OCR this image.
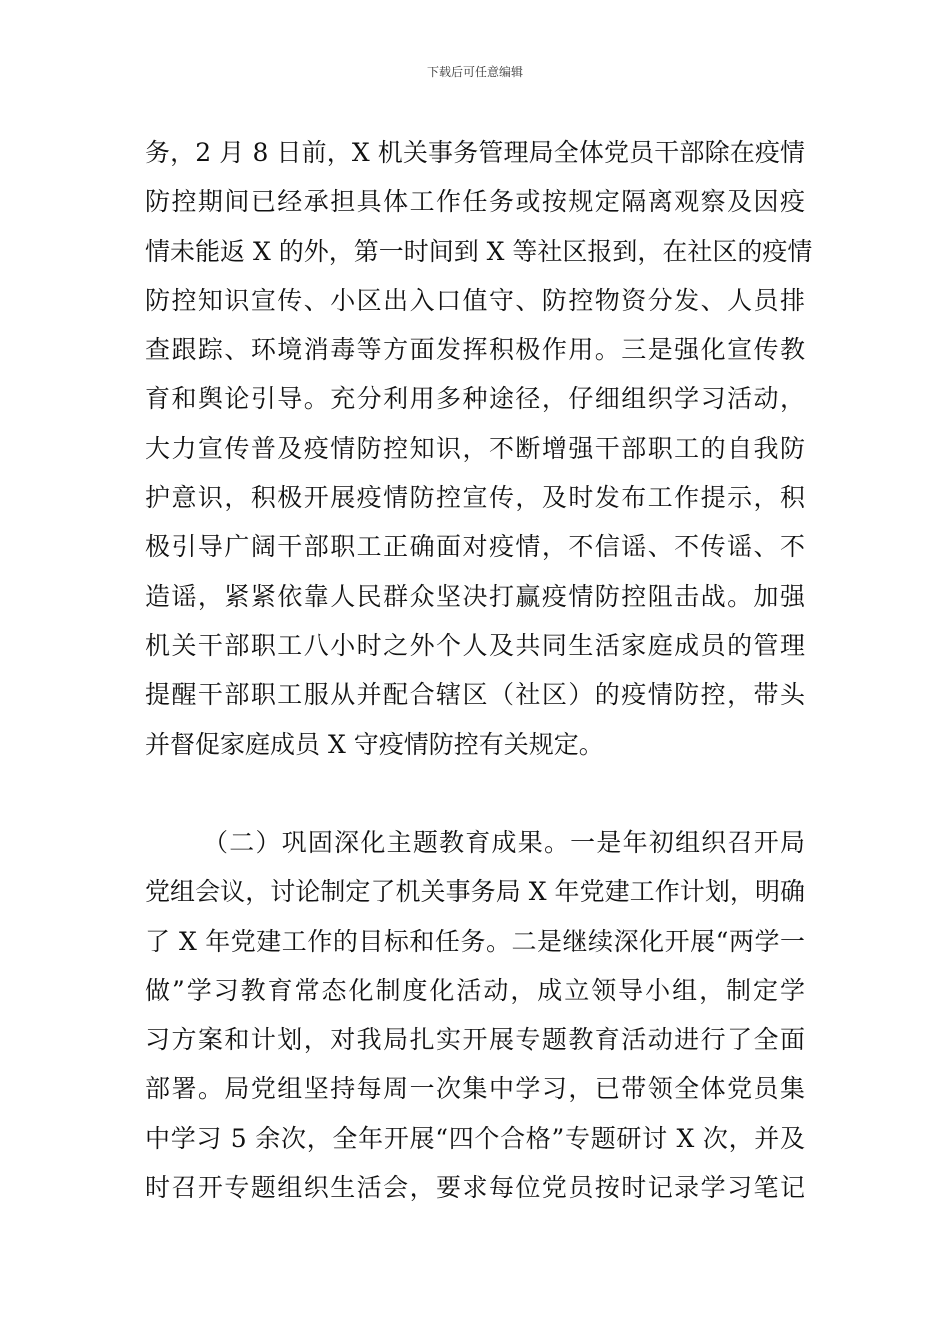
下载后可任意编辑
务，2 月 8 日前，X 机关事务管理局全体党员干部除在疫情
防控期间已经承担具体工作任务或按规定隔离观察及因疫
情未能返 X 的外，第一时间到 X 等社区报到，在社区的疫情
防控知识宣传、小区出入口值守、防控物资分发、人员排
查跟踪、环境消毒等方面发挥积极作用。三是强化宣传教
育和舆论引导。充分利用多种途径，仔细组织学习活动，
大力宣传普及疫情防控知识，不断增强干部职工的自我防
护意识，积极开展疫情防控宣传，及时发布工作提示，积
极引导广阔干部职工正确面对疫情，不信谣、不传谣、不
造谣，紧紧依靠人民群众坚决打赢疫情防控阻击战。加强
机关干部职工八小时之外个人及共同生活家庭成员的管理
提醒干部职工服从并配合辖区（社区）的疫情防控，带头
并督促家庭成员 X 守疫情防控有关规定。
（二）巩固深化主题教育成果。一是年初组织召开局
党组会议，讨论制定了机关事务局 X 年党建工作计划，明确
了 X 年党建工作的目标和任务。二是继续深化开展“两学一
做”学习教育常态化制度化活动，成立领导小组，制定学
习方案和计划，对我局扎实开展专题教育活动进行了全面
部署。局党组坚持每周一次集中学习，已带领全体党员集
中学习 5 余次，全年开展“四个合格”专题研讨 X 次，并及
时召开专题组织生活会，要求每位党员按时记录学习笔记
